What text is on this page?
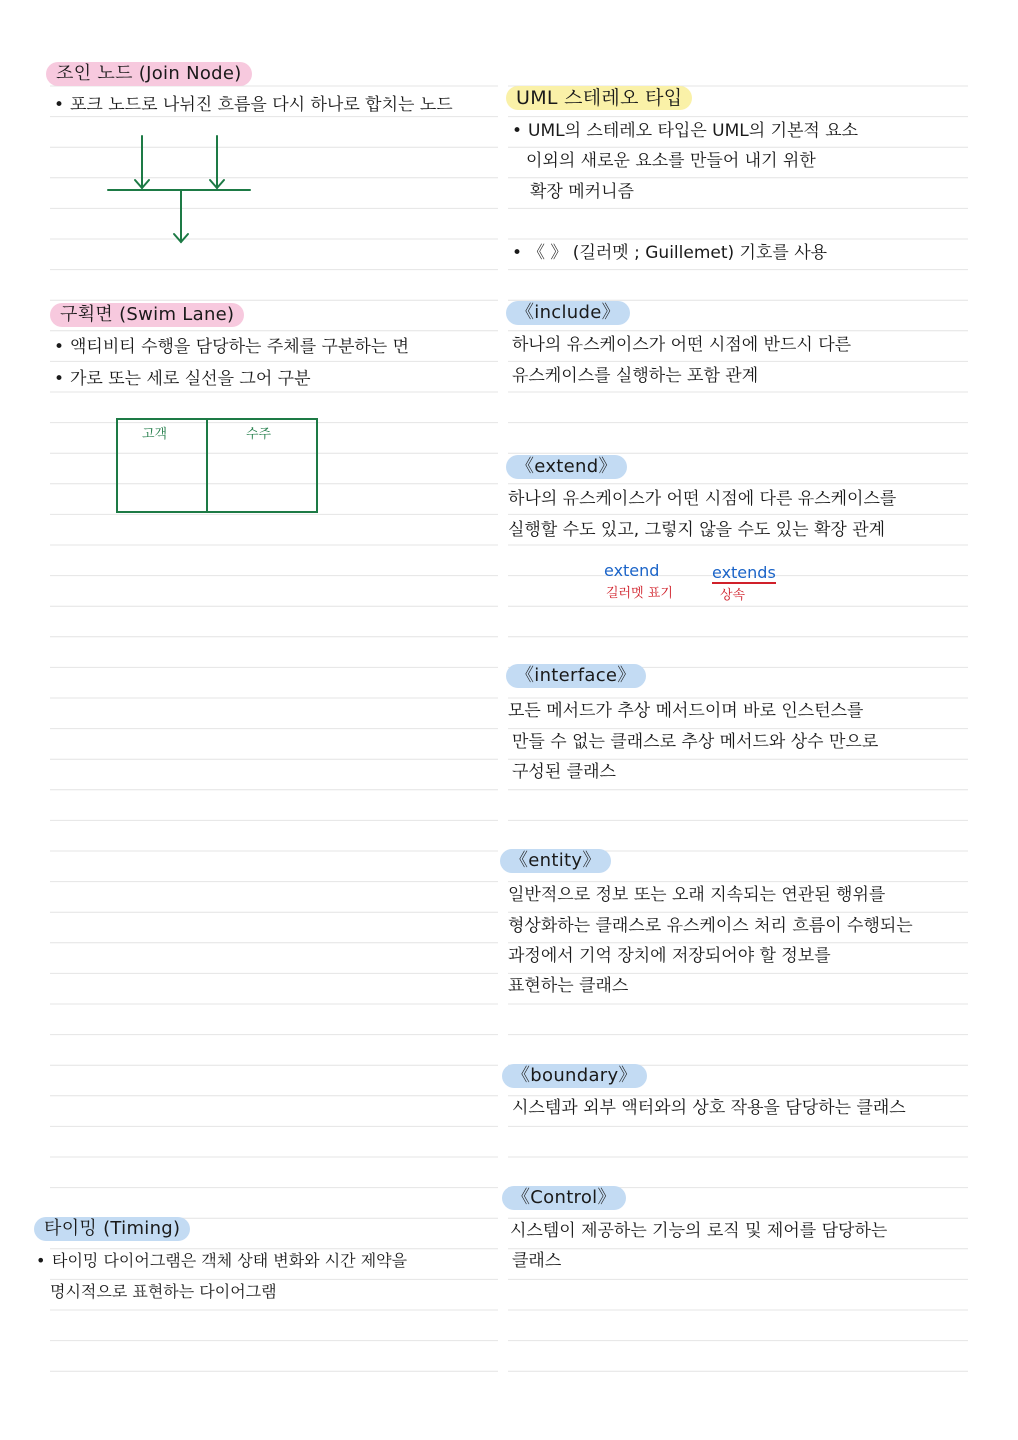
조인 노드 (Join Node)
• 포크 노드로 나뉘진 흐름을 다시 하나로 합치는 노드
구획면 (Swim Lane)
• 액티비티 수행을 담당하는 주체를 구분하는 면
• 가로 또는 세로 실선을 그어 구분
고객	수주
타이밍 (Timing)
• 타이밍 다이어그램은 객체 상태 변화와 시간 제약을
명시적으로 표현하는 다이어그램
UML 스테레오 타입
• UML의 스테레오 타입은 UML의 기본적 요소
이외의 새로운 요소를 만들어 내기 위한
확장 메커니즘
• 《 》 (길러멧 ; Guillemet) 기호를 사용
《include》
하나의 유스케이스가 어떤 시점에 반드시 다른
유스케이스를 실행하는 포함 관계
《extend》
하나의 유스케이스가 어떤 시점에 다른 유스케이스를
실행할 수도 있고, 그렇지 않을 수도 있는 확장 관계
extend
길러멧 표기
extends
상속
《interface》
모든 메서드가 추상 메서드이며 바로 인스턴스를
만들 수 없는 클래스로 추상 메서드와 상수 만으로
구성된 클래스
《entity》
일반적으로 정보 또는 오래 지속되는 연관된 행위를
형상화하는 클래스로 유스케이스 처리 흐름이 수행되는
과정에서 기억 장치에 저장되어야 할 정보를
표현하는 클래스
《boundary》
시스템과 외부 액터와의 상호 작용을 담당하는 클래스
《Control》
시스템이 제공하는 기능의 로직 및 제어를 담당하는
클래스
